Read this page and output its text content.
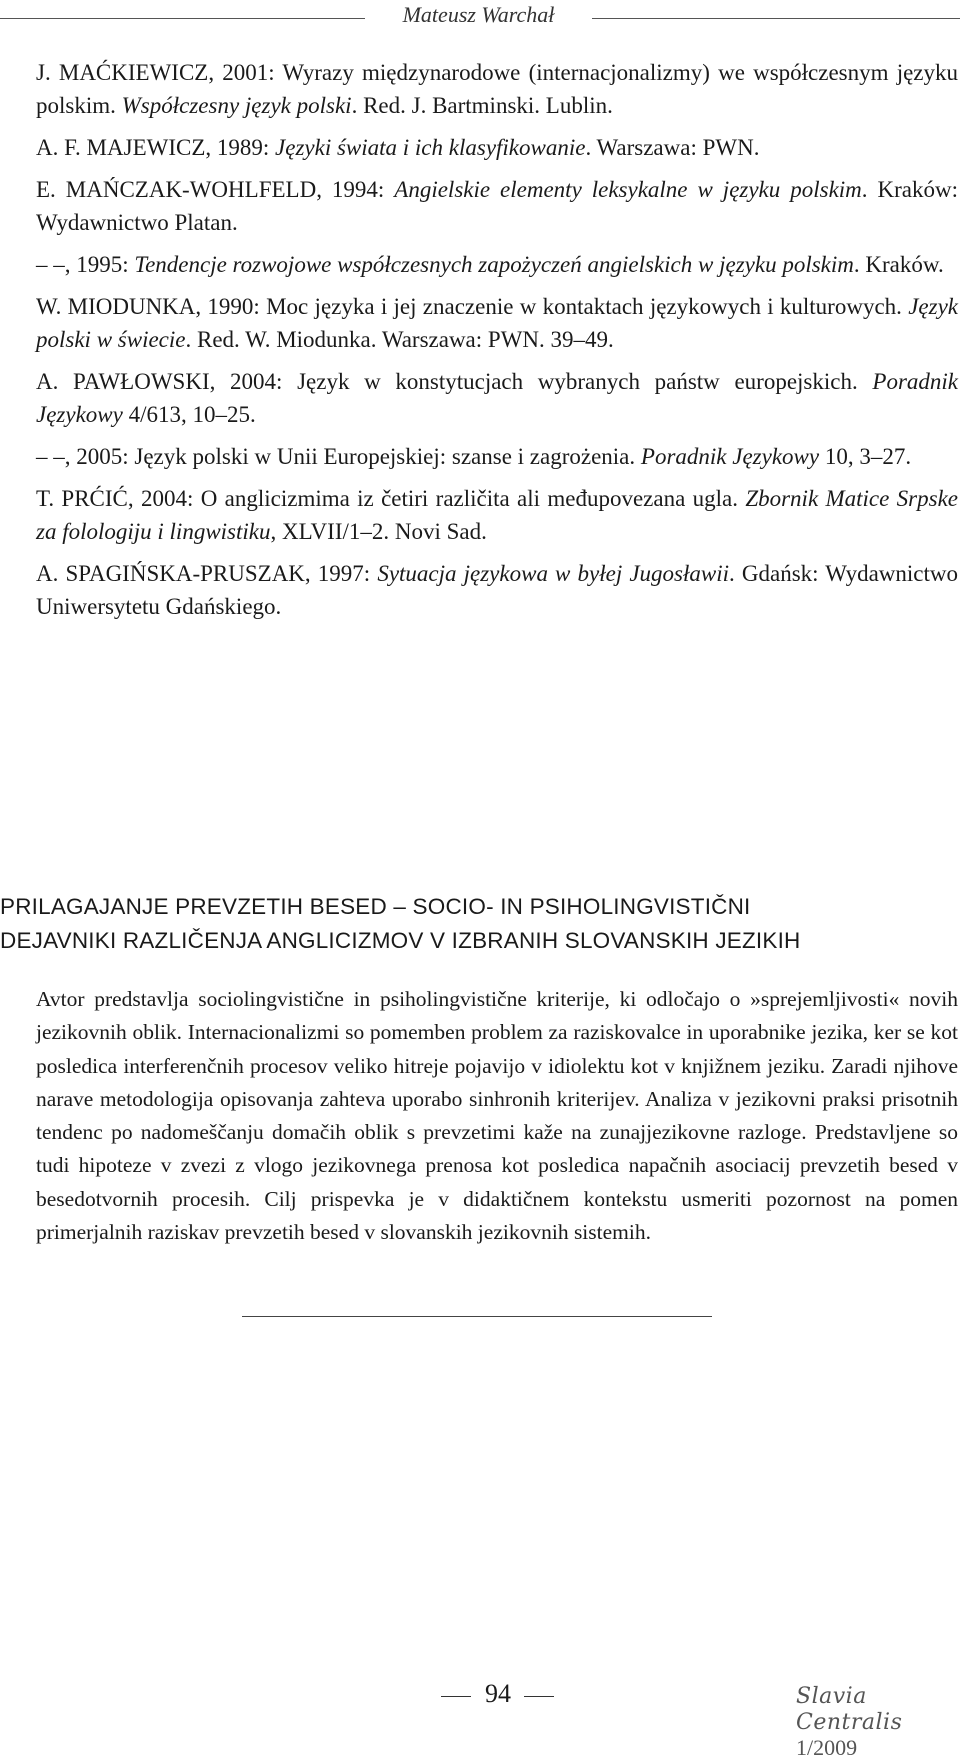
Mateusz Warchał
J. MAĆKIEWICZ, 2001: Wyrazy międzynarodowe (internacjonalizmy) we współczesnym języku polskim. Współczesny język polski. Red. J. Bartminski. Lublin.
A. F. MAJEWICZ, 1989: Języki świata i ich klasyfikowanie. Warszawa: PWN.
E. MAŃCZAK-WOHLFELD, 1994: Angielskie elementy leksykalne w języku polskim. Kraków: Wydawnictwo Platan.
– –, 1995: Tendencje rozwojowe współczesnych zapożyczeń angielskich w języku polskim. Kraków.
W. MIODUNKA, 1990: Moc języka i jej znaczenie w kontaktach językowych i kulturowych. Język polski w świecie. Red. W. Miodunka. Warszawa: PWN. 39–49.
A. PAWŁOWSKI, 2004: Język w konstytucjach wybranych państw europejskich. Poradnik Językowy 4/613, 10–25.
– –, 2005: Język polski w Unii Europejskiej: szanse i zagrożenia. Poradnik Językowy 10, 3–27.
T. PRĆIĆ, 2004: O anglicizmima iz četiri različita ali međupovezana ugla. Zbornik Matice Srpske za folologiju i lingwistiku, XLVII/1–2. Novi Sad.
A. SPAGIŃSKA-PRUSZAK, 1997: Sytuacja językowa w byłej Jugosławii. Gdańsk: Wydawnictwo Uniwersytetu Gdańskiego.
PRILAGAJANJE PREVZETIH BESED – SOCIO- IN PSIHOLINGVISTIČNI
DEJAVNIKI RAZLIČENJA ANGLICIZMOV V IZBRANIH SLOVANSKIH JEZIKIH
Avtor predstavlja sociolingvistične in psiholingvistične kriterije, ki odločajo o »sprejemljivosti« novih jezikovnih oblik. Internacionalizmi so pomemben problem za raziskovalce in uporabnike jezika, ker se kot posledica interferenčnih procesov veliko hitreje pojavijo v idiolektu kot v knjižnem jeziku. Zaradi njihove narave metodologija opisovanja zahteva uporabo sinhronih kriterijev. Analiza v jezikovni praksi prisotnih tendenc po nadomeščanju domačih oblik s prevzetimi kaže na zunajjezikovne razloge. Predstavljene so tudi hipoteze v zvezi z vlogo jezikovnega prenosa kot posledica napačnih asociacij prevzetih besed v besedotvornih procesih. Cilj prispevka je v didaktičnem kontekstu usmeriti pozornost na pomen primerjalnih raziskav prevzetih besed v slovanskih jezikovnih sistemih.
94	Slavia Centralis 1/2009
